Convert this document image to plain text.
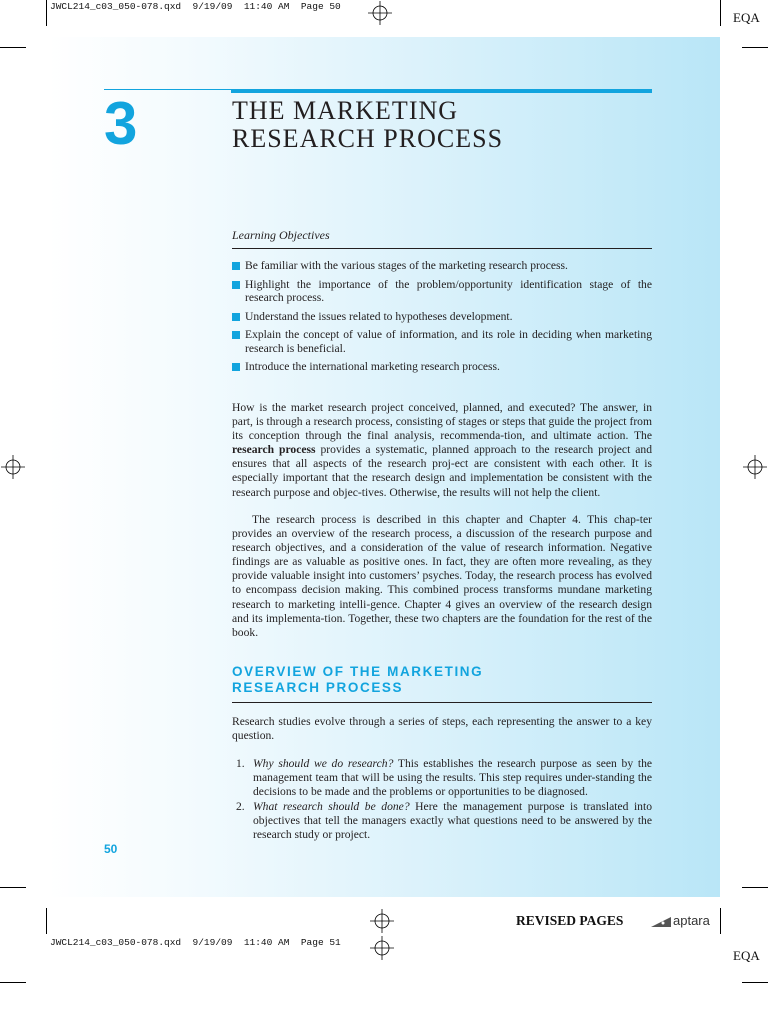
JWCL214_c03_050-078.qxd  9/19/09  11:40 AM  Page 50
EQA
3	THE MARKETING
RESEARCH PROCESS
Learning Objectives
Be familiar with the various stages of the marketing research process.
Highlight the importance of the problem/opportunity identification stage of the research process.
Understand the issues related to hypotheses development.
Explain the concept of value of information, and its role in deciding when marketing research is beneficial.
Introduce the international marketing research process.

How is the market research project conceived, planned, and executed? The answer, in part, is through a research process, consisting of stages or steps that guide the project from its conception through the final analysis, recommenda-tion, and ultimate action. The research process provides a systematic, planned approach to the research project and ensures that all aspects of the research proj-ect are consistent with each other. It is especially important that the research design and implementation be consistent with the research purpose and objec-tives. Otherwise, the results will not help the client.

The research process is described in this chapter and Chapter 4. This chap-ter provides an overview of the research process, a discussion of the research purpose and research objectives, and a consideration of the value of research information. Negative findings are as valuable as positive ones. In fact, they are often more revealing, as they provide valuable insight into customers’ psyches. Today, the research process has evolved to encompass decision making. This combined process transforms mundane marketing research to marketing intelli-gence. Chapter 4 gives an overview of the research design and its implementa-tion. Together, these two chapters are the foundation for the rest of the book.

OVERVIEW OF THE MARKETING
RESEARCH PROCESS

Research studies evolve through a series of steps, each representing the answer to a key question.

1. Why should we do research? This establishes the research purpose as seen by the management team that will be using the results. This step requires under-standing the decisions to be made and the problems or opportunities to be diagnosed.
2. What research should be done? Here the management purpose is translated into objectives that tell the managers exactly what questions need to be answered by the research study or project.
50
REVISED PAGES	aptara
JWCL214_c03_050-078.qxd  9/19/09  11:40 AM  Page 51
EQA
